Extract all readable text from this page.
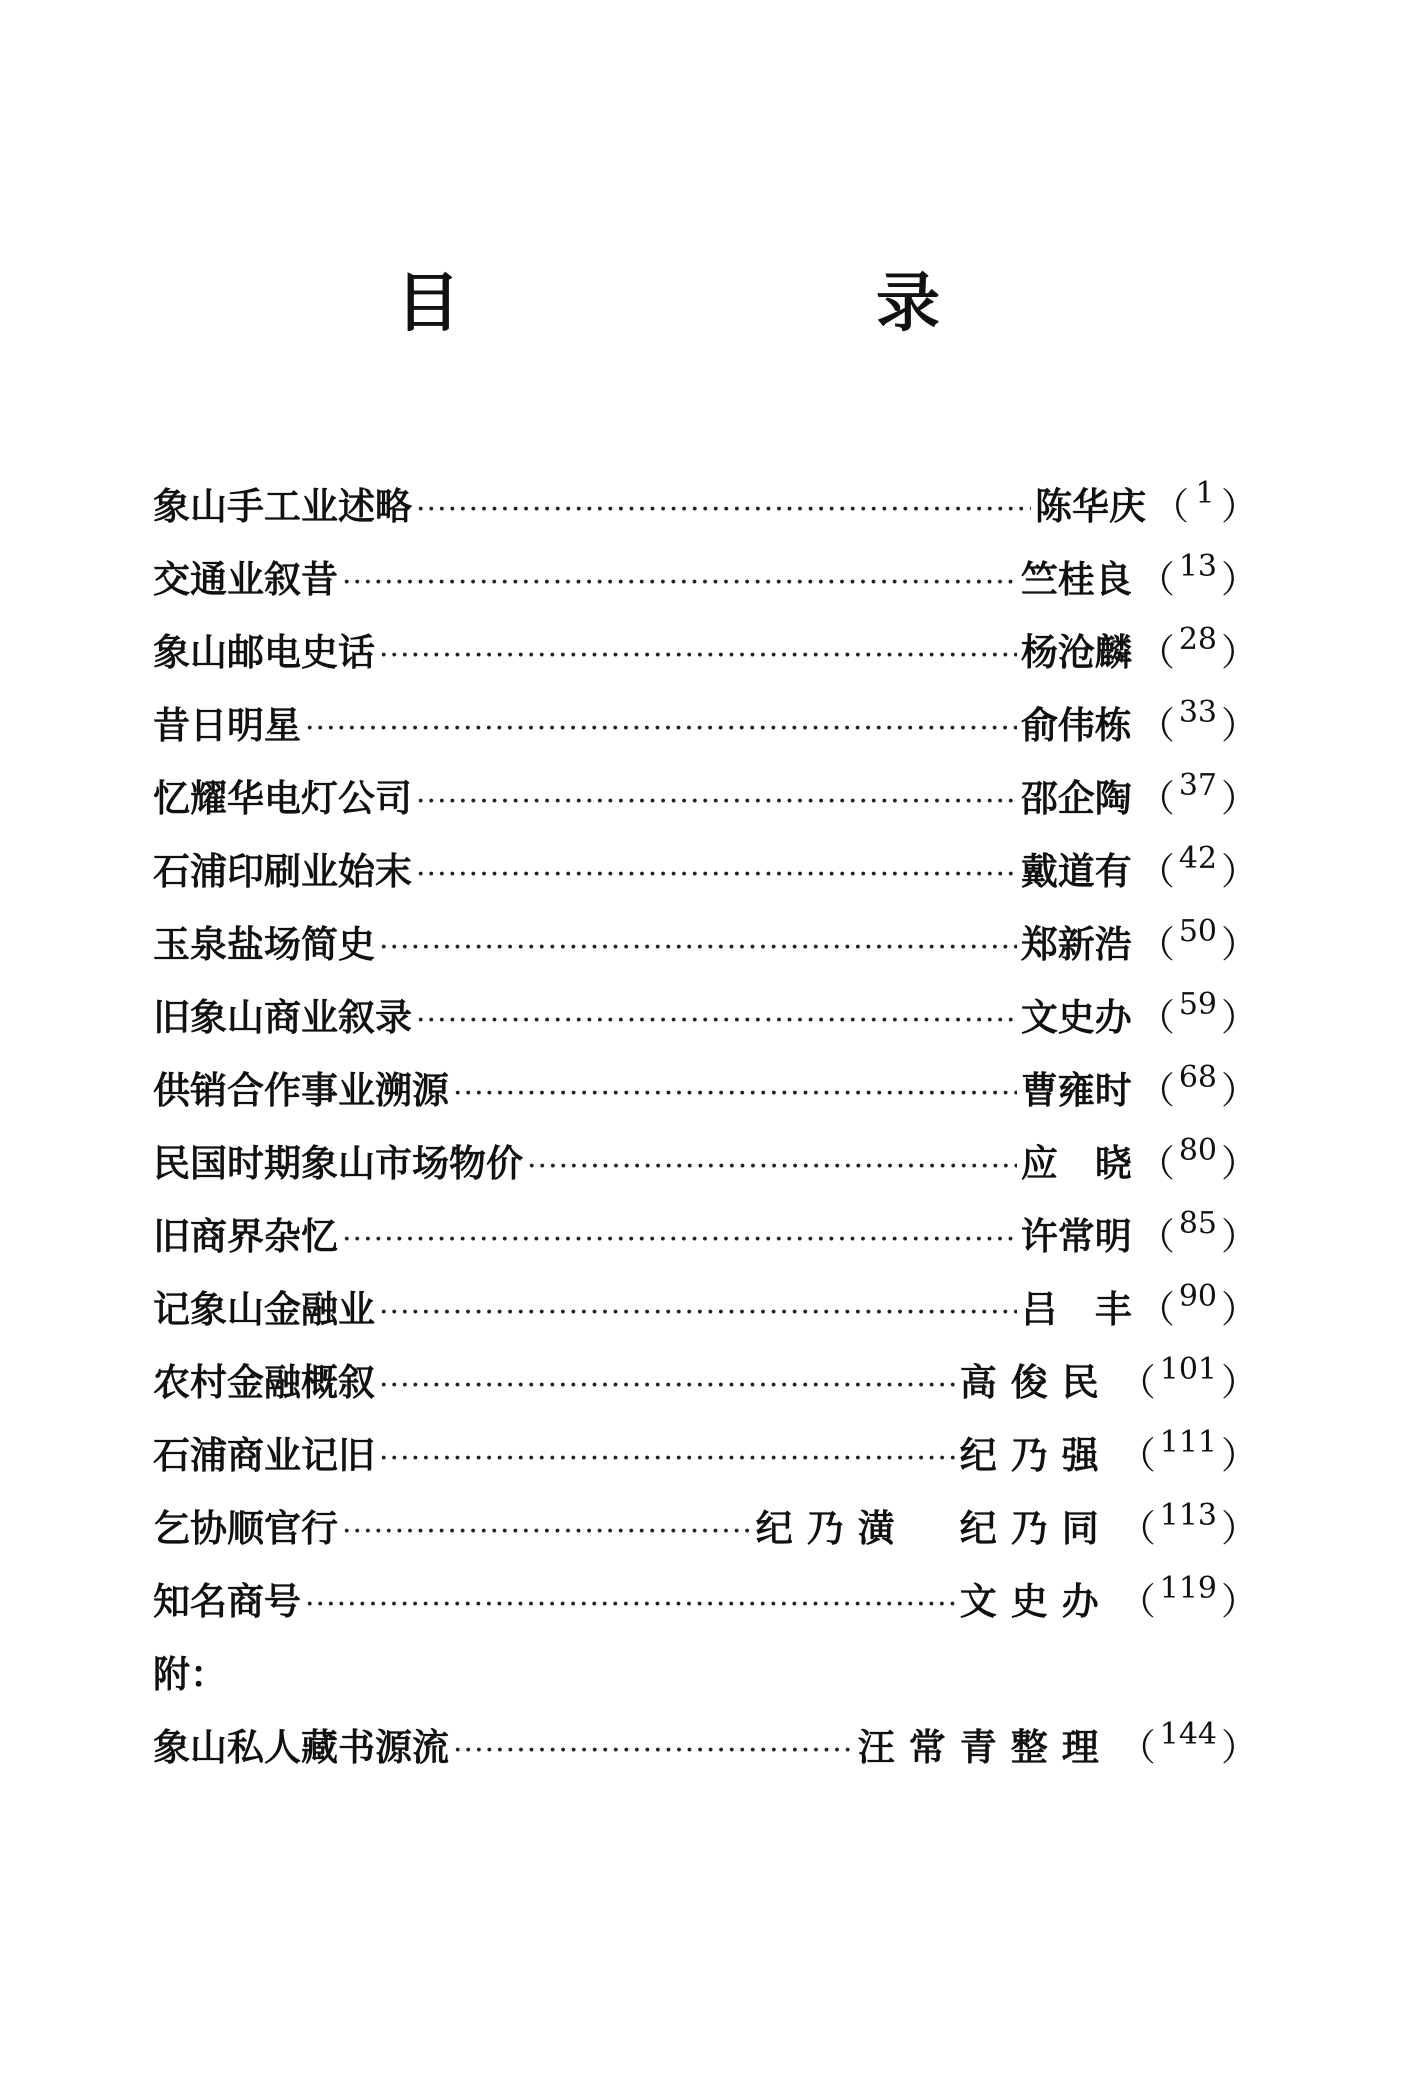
目　录
象山手工业述略 ·····	陈华庆 （ 1 ）
交通业叙昔 ·····	竺桂良 （ 13 ）
象山邮电史话 ·····	杨沧麟 （ 28 ）
昔日明星 ·····	俞伟栋 （ 33 ）
忆耀华电灯公司 ·····	邵企陶 （ 37 ）
石浦印刷业始末 ·····	戴道有 （ 42 ）
玉泉盐场简史 ·····	郑新浩 （ 50 ）
旧象山商业叙录 ·····	文史办 （ 59 ）
供销合作事业溯源 ·····	曹雍时 （ 68 ）
民国时期象山市场物价 ·····	应　晓 （ 80 ）
旧商界杂忆 ·····	许常明 （ 85 ）
记象山金融业 ·····	吕　丰 （ 90 ）
农村金融概叙 ·····	高俊民 （ 101 ）
石浦商业记旧 ·····	纪乃强 （ 111 ）
乞协顺官行 ·····	纪乃潢　纪乃同 （ 113 ）
知名商号 ·····	文史办 （ 119 ）
附：
象山私人藏书源流 ·····	汪常青整理 （ 144 ）
